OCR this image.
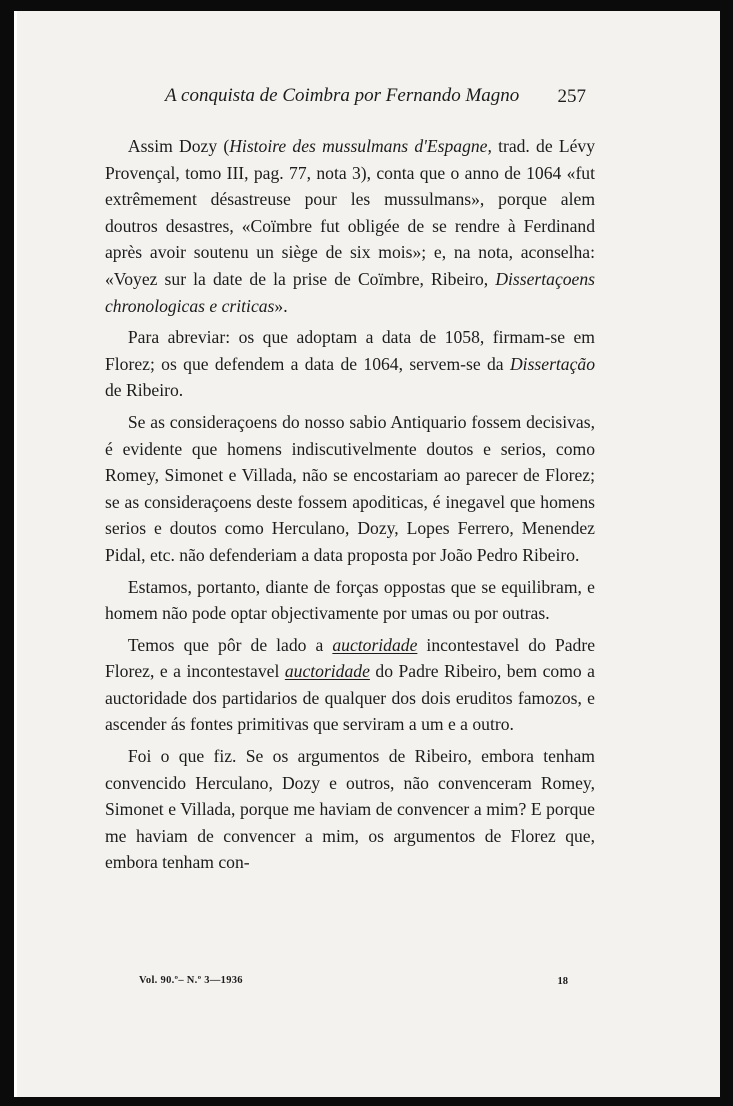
A conquista de Coimbra por Fernando Magno	257

Assim Dozy (Histoire des mussulmans d'Espagne, trad. de Lévy Provençal, tomo III, pag. 77, nota 3), conta que o anno de 1064 «fut extrêmement désastreuse pour les mussulmans», porque alem doutros desastres, «Coïmbre fut obligée de se rendre à Ferdinand après avoir soutenu un siège de six mois»; e, na nota, aconselha: «Voyez sur la date de la prise de Coïmbre, Ribeiro, Dissertaçoens chronologicas e criticas».

Para abreviar: os que adoptam a data de 1058, firmam-se em Florez; os que defendem a data de 1064, servem-se da Dissertação de Ribeiro.

Se as consideraçoens do nosso sabio Antiquario fossem decisivas, é evidente que homens indiscutivelmente doutos e serios, como Romey, Simonet e Villada, não se encostariam ao parecer de Florez; se as consideraçoens deste fossem apoditicas, é inegavel que homens serios e doutos como Herculano, Dozy, Lopes Ferrero, Menendez Pidal, etc. não defenderiam a data proposta por João Pedro Ribeiro.

Estamos, portanto, diante de forças oppostas que se equilibram, e homem não pode optar objectivamente por umas ou por outras.

Temos que pôr de lado a auctoridade incontestavel do Padre Florez, e a incontestavel auctoridade do Padre Ribeiro, bem como a auctoridade dos partidarios de qualquer dos dois eruditos famozos, e ascender ás fontes primitivas que serviram a um e a outro.

Foi o que fiz. Se os argumentos de Ribeiro, embora tenham convencido Herculano, Dozy e outros, não convenceram Romey, Simonet e Villada, porque me haviam de convencer a mim? E porque me haviam de convencer a mim, os argumentos de Florez que, embora tenham con-

Vol. 90.º– N.º 3—1936	18
